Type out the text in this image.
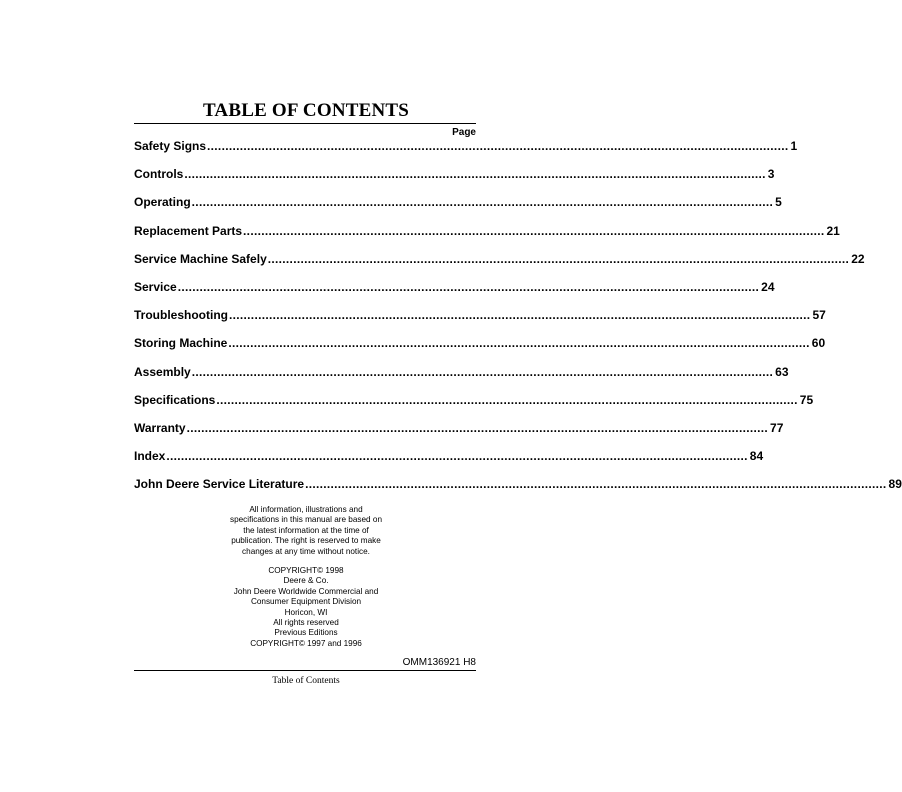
TABLE OF CONTENTS
Page
Safety Signs ................................................................................................................................................................ 1
Controls ................................................................................................................................................................ 3
Operating ................................................................................................................................................................ 5
Replacement Parts ................................................................................................................................................................ 21
Service Machine Safely ................................................................................................................................................................ 22
Service ................................................................................................................................................................ 24
Troubleshooting ................................................................................................................................................................ 57
Storing Machine ................................................................................................................................................................ 60
Assembly ................................................................................................................................................................ 63
Specifications ................................................................................................................................................................ 75
Warranty ................................................................................................................................................................ 77
Index ................................................................................................................................................................ 84
John Deere Service Literature ................................................................................................................................................................ 89
All information, illustrations and
specifications in this manual are based on
the latest information at the time of
publication. The right is reserved to make
changes at any time without notice.
COPYRIGHT© 1998
Deere & Co.
John Deere Worldwide Commercial and
Consumer Equipment Division
Horicon, WI
All rights reserved
Previous Editions
COPYRIGHT© 1997 and 1996
OMM136921 H8
Table of Contents
